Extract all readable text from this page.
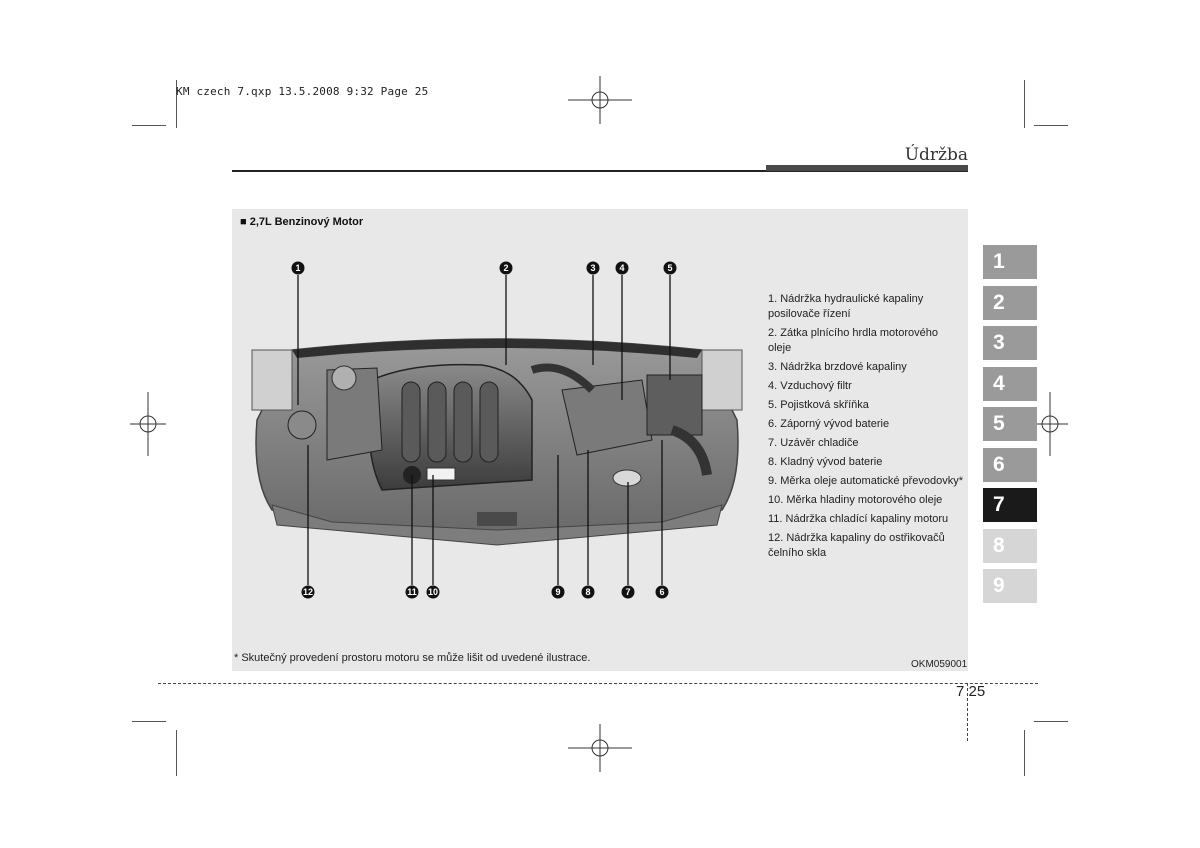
KM czech 7.qxp 13.5.2008 9:32 Page 25
Údržba
■ 2,7L Benzinový Motor
1	2	3	4	5
6
7
8
9
10
11
12
1. Nádržka hydraulické kapaliny posilovače řízení
2. Zátka plnícího hrdla motorového oleje
3. Nádržka brzdové kapaliny
4. Vzduchový filtr
5. Pojistková skříňka
6. Záporný vývod baterie
7. Uzávěr chladiče
8. Kladný vývod baterie
9. Měrka oleje automatické převodovky*
10. Měrka hladiny motorového oleje
11. Nádržka chladící kapaliny motoru
12. Nádržka kapaliny do ostřikovačů čelního skla
* Skutečný provedení prostoru motoru se může lišit od uvedené ilustrace.
OKM059001
7 25
1
2
3
4
5
6
7
8
9
